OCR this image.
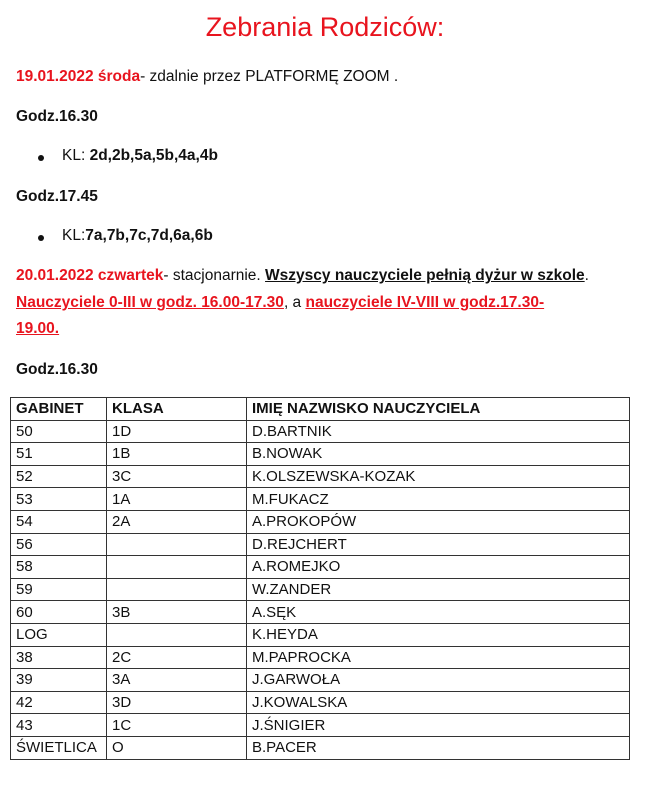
Zebrania Rodziców:
19.01.2022 środa- zdalnie przez PLATFORMĘ ZOOM .
Godz.16.30
KL: 2d,2b,5a,5b,4a,4b
Godz.17.45
KL:7a,7b,7c,7d,6a,6b
20.01.2022 czwartek- stacjonarnie. Wszyscy nauczyciele pełnią dyżur w szkole.
Nauczyciele 0-III w godz. 16.00-17.30, a nauczyciele IV-VIII w godz.17.30-
19.00.
Godz.16.30
GABINET	KLASA	IMIĘ NAZWISKO NAUCZYCIELA
50	1D	D.BARTNIK
51	1B	B.NOWAK
52	3C	K.OLSZEWSKA-KOZAK
53	1A	M.FUKACZ
54	2A	A.PROKOPÓW
56		D.REJCHERT
58		A.ROMEJKO
59		W.ZANDER
60	3B	A.SĘK
LOG		K.HEYDA
38	2C	M.PAPROCKA
39	3A	J.GARWOŁA
42	3D	J.KOWALSKA
43	1C	J.ŚNIGIER
ŚWIETLICA	O	B.PACER
